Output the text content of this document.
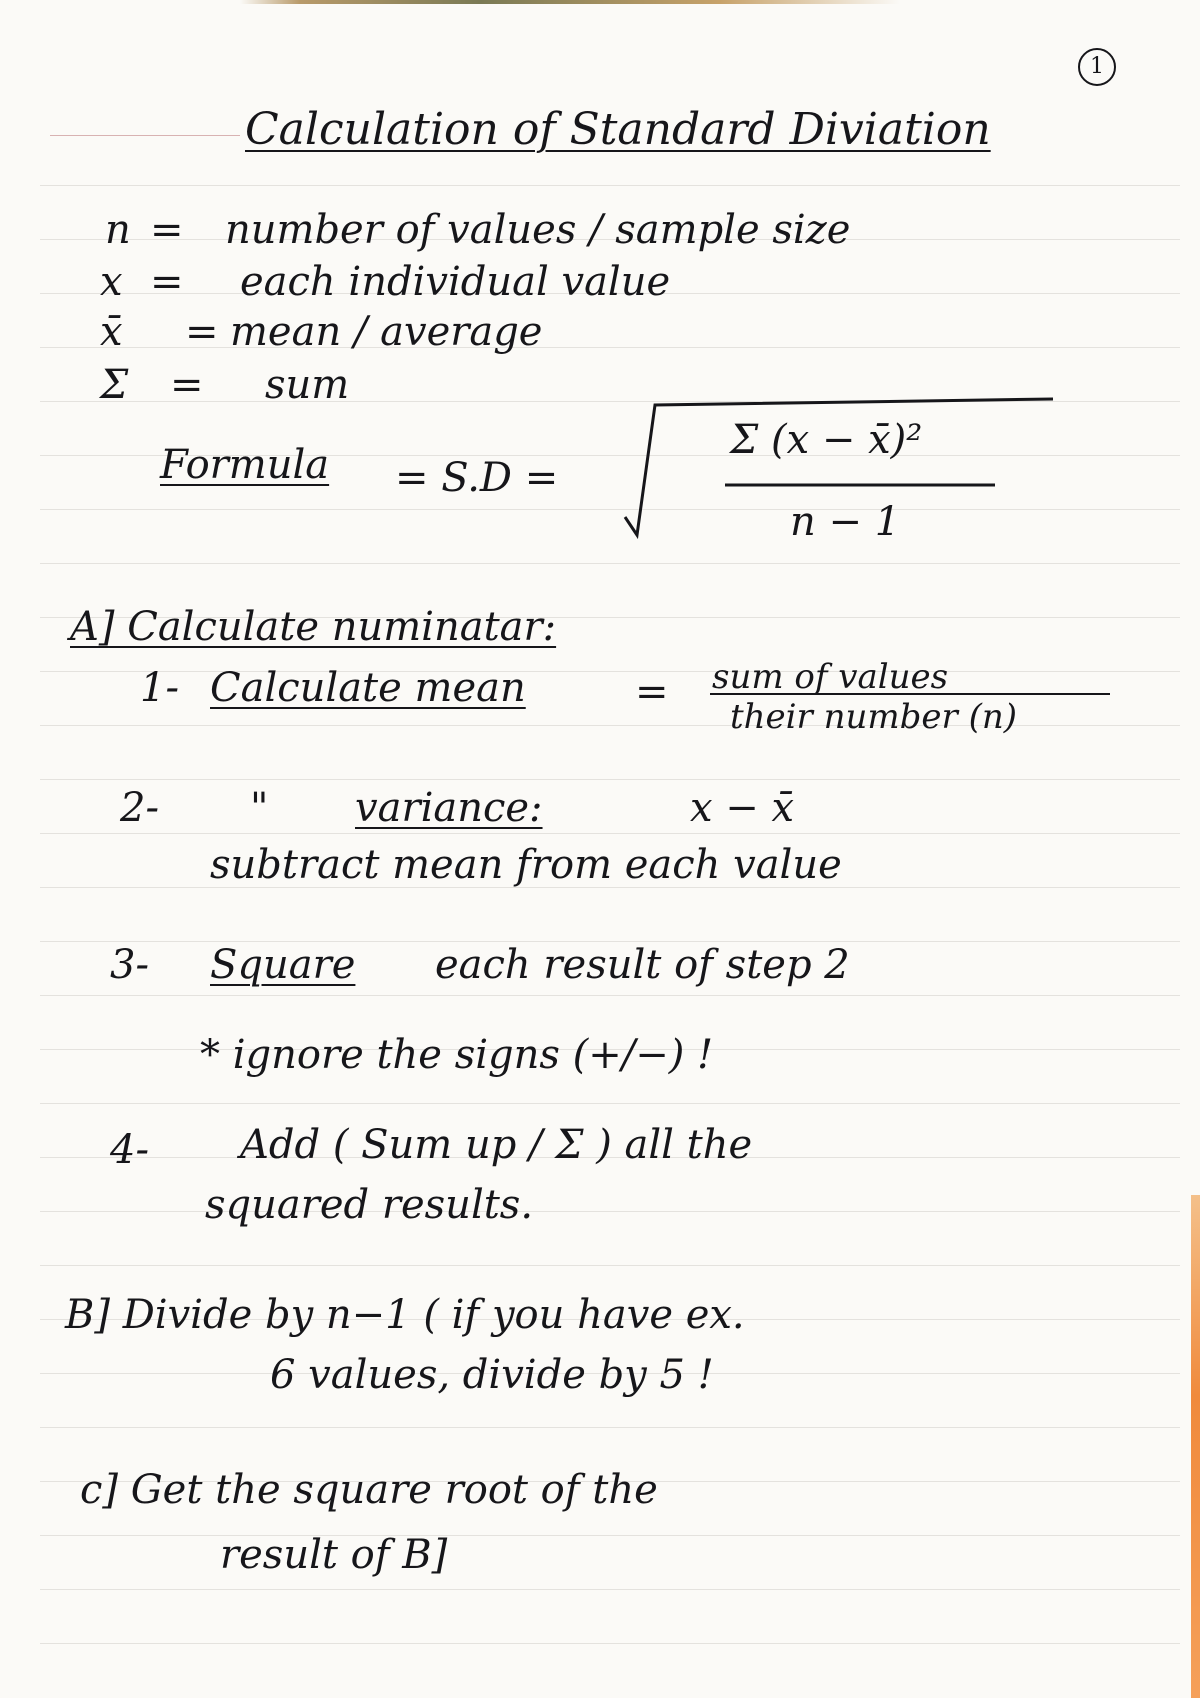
1
Calculation of Standard Diviation
n = number of values / sample size
x = each individual value
x̄ = mean / average
Σ = sum
Formula = S.D =
Σ (x − x̄)²
n − 1
A] Calculate numinatar:
1- Calculate mean	= sum of values
their number (n)
2- " variance:	x − x̄
subtract mean from each value
3- Square each result of step 2
* ignore the signs (+/−) !
4- Add ( Sum up / Σ ) all the
squared results.
B] Divide by n−1 ( if you have ex.
6 values, divide by 5 !
c] Get the square root of the
result of B]
